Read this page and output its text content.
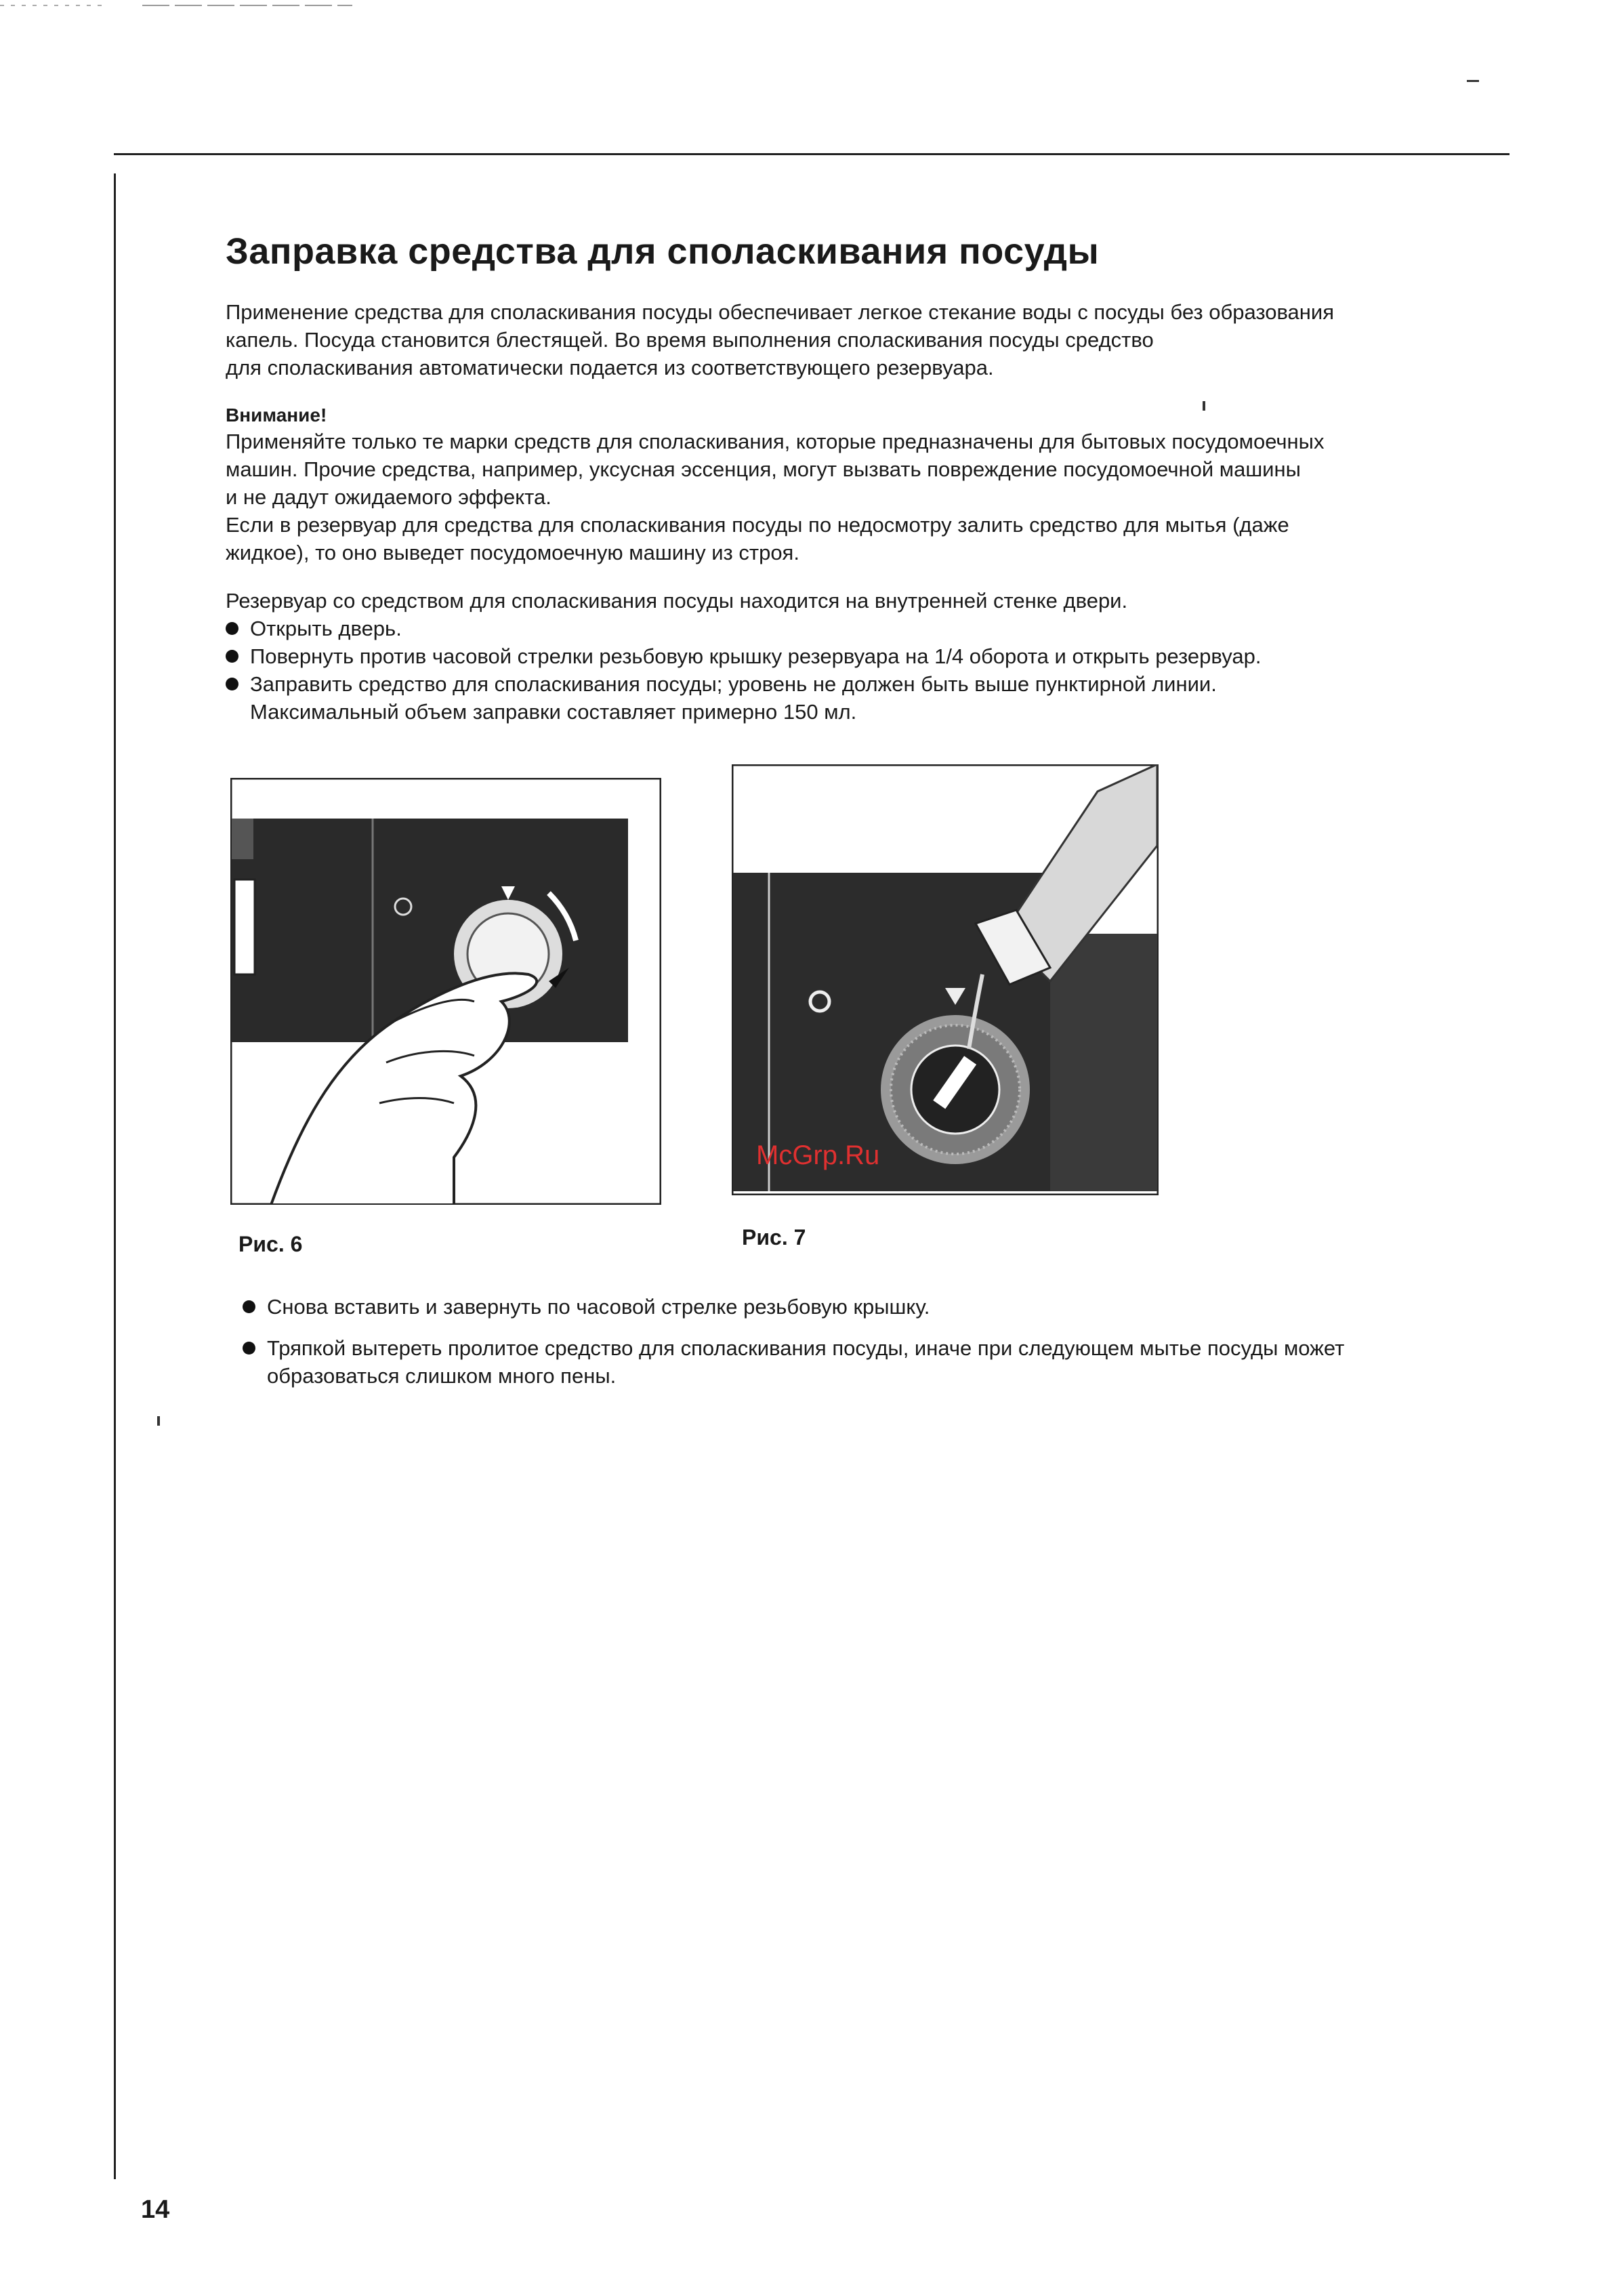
Заправка средства для споласкивания посуды

Применение средства для споласкивания посуды обеспечивает легкое стекание воды с посуды без образования

капель. Посуда становится блестящей. Во время выполнения споласкивания посуды средство

для споласкивания автоматически подается из соответствующего резервуара.

Внимание!

Применяйте только те марки средств для споласкивания, которые предназначены для бытовых посудомоечных

машин. Прочие средства, например, уксусная эссенция, могут вызвать повреждение посудомоечной машины

и не дадут ожидаемого эффекта.

Если в резервуар для средства для споласкивания посуды по недосмотру залить средство для мытья (даже

жидкое), то оно выведет посудомоечную машину из строя.

Резервуар со средством для споласкивания посуды находится на внутренней стенке двери.

Открыть дверь.
Повернуть против часовой стрелки резьбовую крышку резервуара на 1/4 оборота и открыть резервуар.
Заправить средство для споласкивания посуды; уровень не должен быть выше пунктирной линии.
Максимальный объем заправки составляет примерно 150 мл.
McGrp.Ru
Рис. 6	Рис. 7
Снова вставить и завернуть по часовой стрелке резьбовую крышку.
Тряпкой вытереть пролитое средство для споласкивания посуды, иначе при следующем мытье посуды может
образоваться слишком много пены.
14
